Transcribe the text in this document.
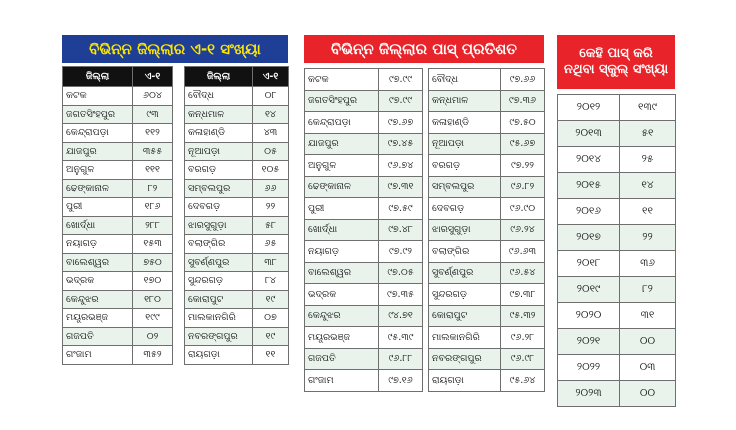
ବିଭିନ୍ନ ଜିଲ୍ଲାର ଏ-୧ ସଂଖ୍ୟା
ଜିଲ୍ଲା	ଏ-୧
କଟକ	୬୦୪
ଜଗତସିଂହପୁର	୯୩
କେନ୍ଦ୍ରାପଡ଼ା	୧୧୨
ଯାଜପୁର	୩୫୫
ଅନୁଗୁଳ	୧୧୧
ଢେଙ୍କାନାଳ	୮୨
ପୁରୀ	୧୮୬
ଖୋର୍ଦ୍ଧା	୨୮୮
ନୟାଗଡ଼	୧୫୩
ବାଲେଶ୍ୱର	୭୫୦
ଭଦ୍ରକ	୧୭୦
କେନ୍ଦୁଝର	୧୮୦
ମୟୂରଭଞ୍ଜ	୧୯୯
ଗଜପତି	୦୨
ଗଂଜାମ	୩୫୨
ଜିଲ୍ଲା	ଏ-୧
ବୌଦ୍ଧ	୦୮
କନ୍ଧମାଳ	୧୪
କଳାହାଣ୍ଡି	୪୩
ନୂଆପଡ଼ା	୦୫
ବରଗଡ଼	୧୦୫
ସମ୍ବଲପୁର	୬୬
ଦେବଗଡ଼	୨୨
ଝାରସୁଗୁଡ଼ା	୫୮
ବଲାଙ୍ଗିର	୬୫
ସୁବର୍ଣ୍ଣପୁର	୩୮
ସୁନ୍ଦରଗଡ଼	୮୪
କୋରାପୁଟ	୧୯
ମାଲକାନଗିରି	୦୭
ନବରଙ୍ଗପୁର	୧୯
ରାୟଗଡ଼ା	୧୧
ବିଭିନ୍ନ ଜିଲ୍ଲାର ପାସ୍ ପ୍ରତିଶତ
କଟକ	୯୭.୯୯
ଜଗତସିଂହପୁର	୯୭.୯୯
କେନ୍ଦ୍ରାପଡ଼ା	୯୭.୬୭
ଯାଜପୁର	୯୭.୪୫
ଅନୁଗୁଳ	୯୬.୭୪
ଢେଙ୍କାନାଳ	୯୭.୩୧
ପୁରୀ	୯୭.୫୯
ଖୋର୍ଦ୍ଧା	୯୭.୪୮
ନୟାଗଡ଼	୯୭.୯୨
ବାଲେଶ୍ୱର	୯୭.୦୫
ଭଦ୍ରକ	୯୭.୩୫
କେନ୍ଦୁଝର	୯୪.୭୧
ମୟୂରଭଞ୍ଜ	୯୫.୩୯
ଗଜପତି	୯୬.୮୮
ଗଂଜାମ	୯୭.୧୬
ବୌଦ୍ଧ	୯୭.୬୬
କନ୍ଧମାଳ	୯୭.୩୬
କଳାହାଣ୍ଡି	୯୭.୫୦
ନୂଆପଡ଼ା	୯୫.୬୭
ବରଗଡ଼	୯୭.୨୨
ସମ୍ବଲପୁର	୯୬.୮୨
ଦେବଗଡ଼	୯୬.୯୦
ଝାରସୁଗୁଡ଼ା	୯୬.୨୪
ବଲାଙ୍ଗିର	୯୬.୬୩
ସୁବର୍ଣ୍ଣପୁର	୯୬.୫୪
ସୁନ୍ଦରଗଡ଼	୯୭.୩୮
କୋରାପୁଟ	୯୫.୩୨
ମାଲକାନଗିରି	୯୬.୨୮
ନବରଙ୍ଗପୁର	୯୬.୯୮
ରାୟଗଡ଼ା	୯୫.୬୪
କେହି ପାସ୍ କରି
ନଥିବା ସ୍କୁଲ୍ ସଂଖ୍ୟା
୨୦୧୨	୧୩୯
୨୦୧୩	୫୧
୨୦୧୪	୨୫
୨୦୧୫	୧୪
୨୦୧୬	୧୧
୨୦୧୭	୨୨
୨୦୧୮	୩୬
୨୦୧୯	୮୨
୨୦୨୦	୩୧
୨୦୨୧	୦୦
୨୦୨୨	୦୩
୨୦୨୩	୦୦
